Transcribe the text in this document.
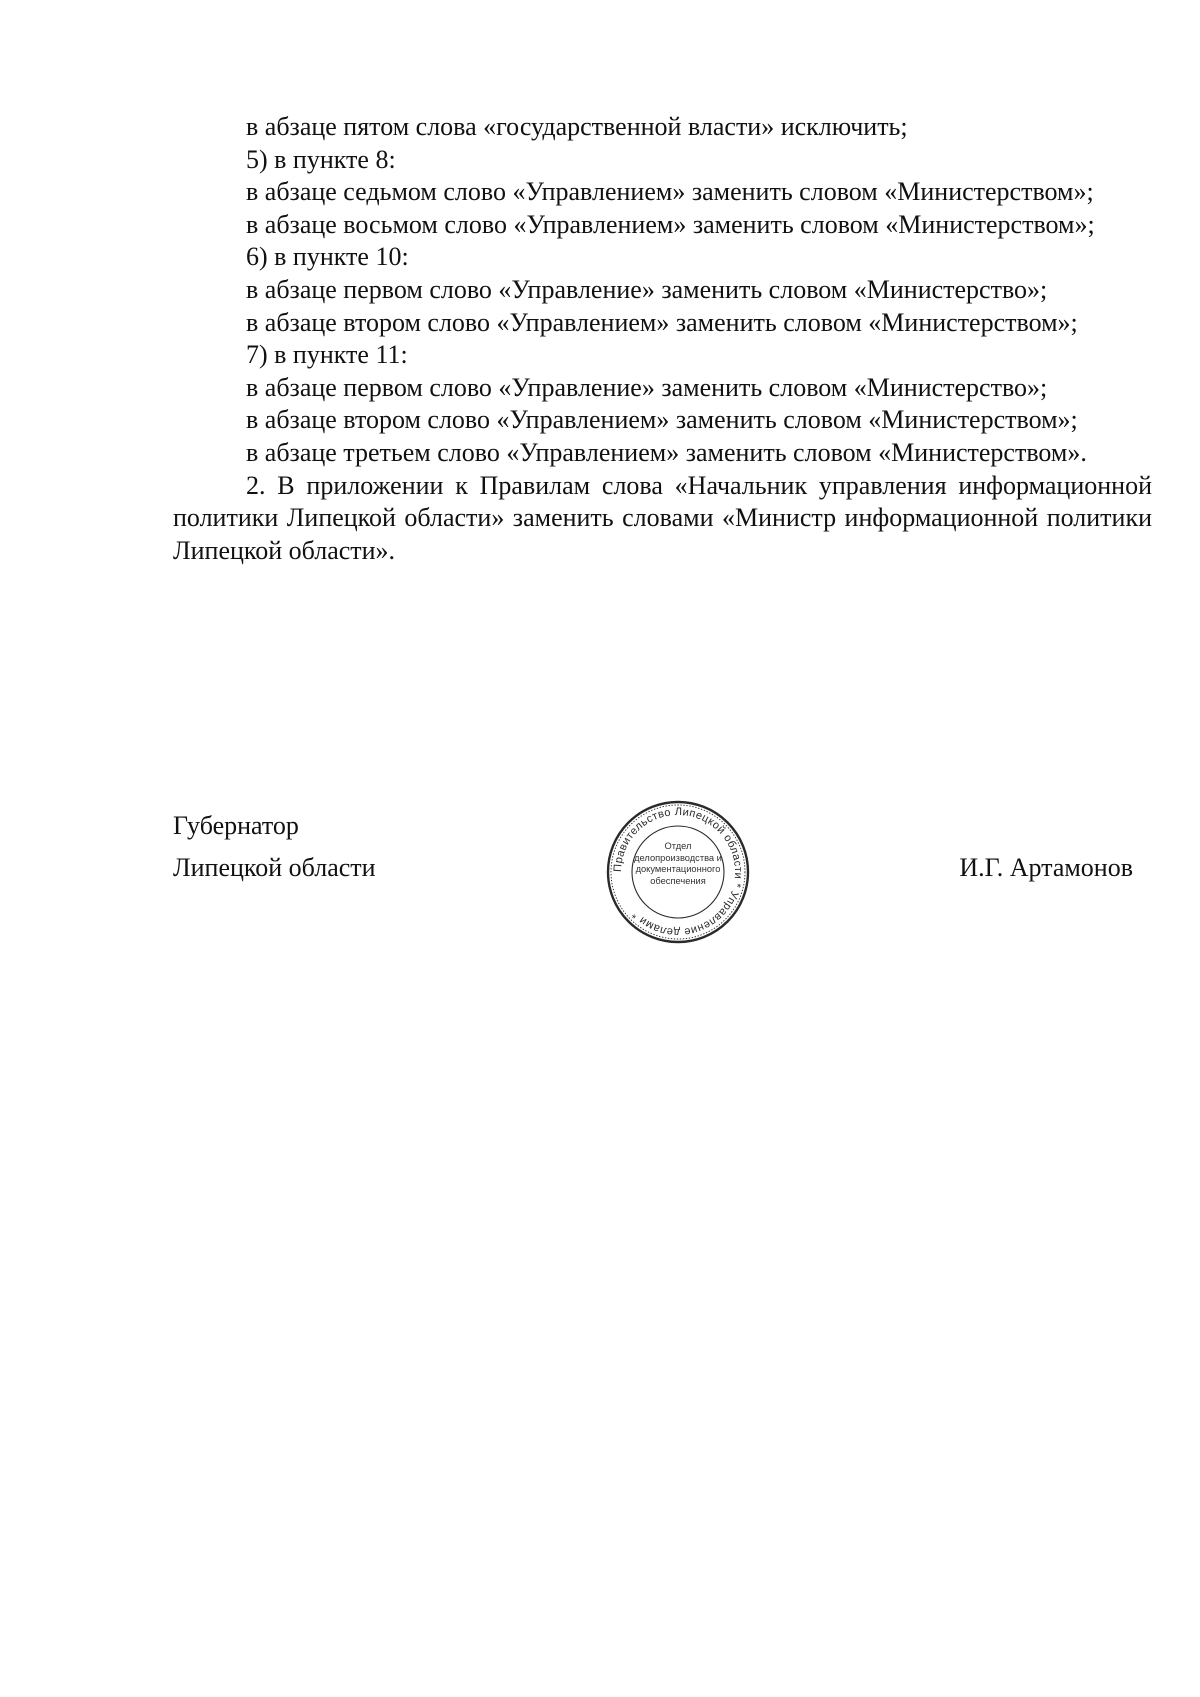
в абзаце пятом слова «государственной власти» исключить;

5) в пункте 8:

в абзаце седьмом слово «Управлением» заменить словом «Министерством»;

в абзаце восьмом слово «Управлением» заменить словом «Министерством»;

6) в пункте 10:

в абзаце первом слово «Управление» заменить словом «Министерство»;

в абзаце втором слово «Управлением» заменить словом «Министерством»;

7) в пункте 11:

в абзаце первом слово «Управление» заменить словом «Министерство»;

в абзаце втором слово «Управлением» заменить словом «Министерством»;

в абзаце третьем слово «Управлением» заменить словом «Министерством».

2. В приложении к Правилам слова «Начальник управления информационной политики Липецкой области» заменить словами «Министр информационной политики Липецкой области».

Губернатор
Липецкой области	И.Г. Артамонов
Правительство Липецкой области * Управление делами *
Отдел
делопроизводства и
документационного
обеспечения
